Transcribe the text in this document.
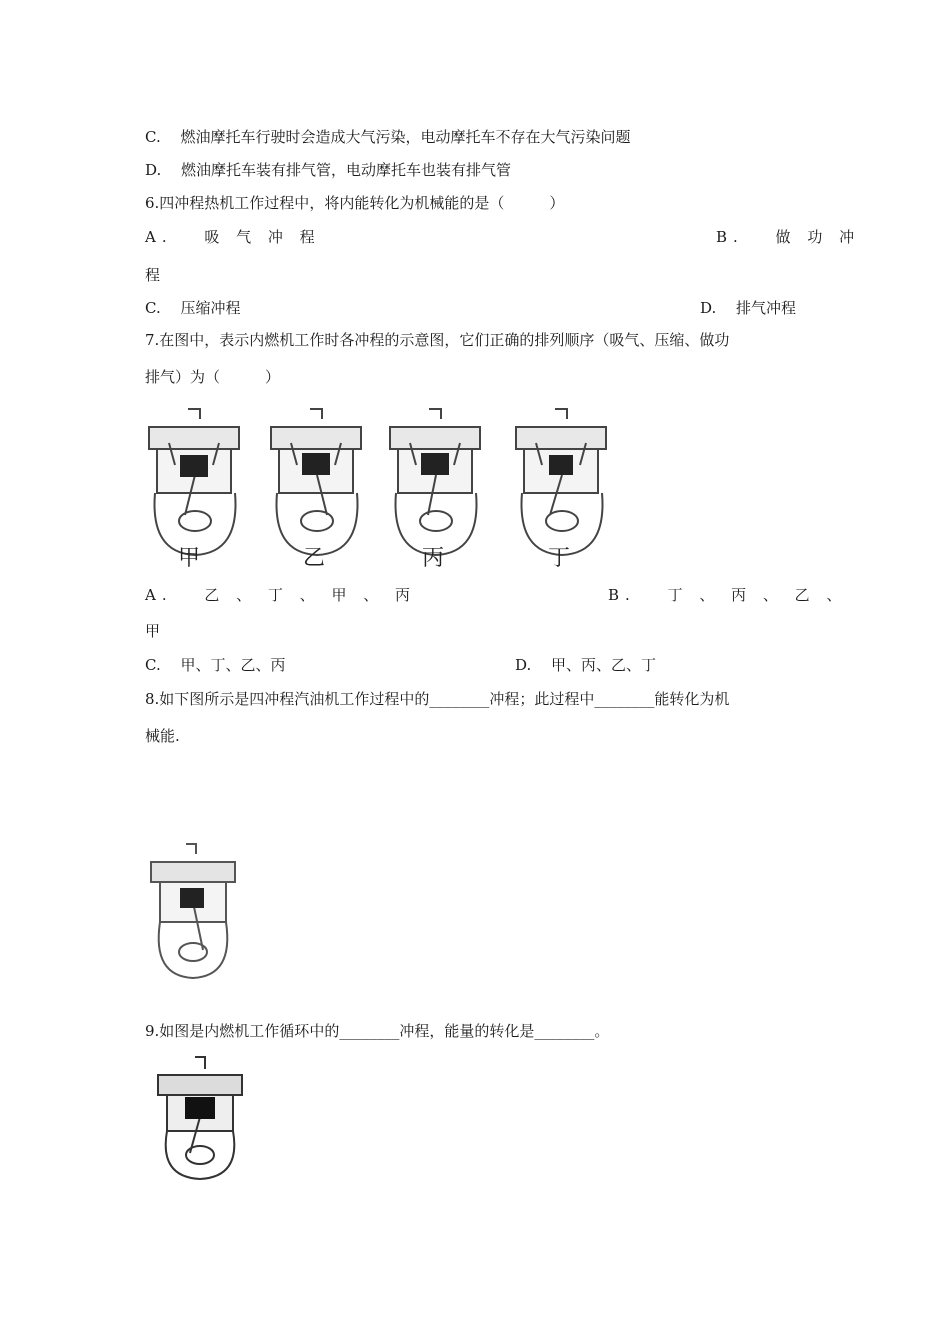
C.　 燃油摩托车行驶时会造成大气污染，电动摩托车不存在大气污染问题
D.　 燃油摩托车装有排气管，电动摩托车也装有排气管
6.四冲程热机工作过程中，将内能转化为机械能的是（　　　）
A.　 吸 气 冲 程	B.　 做 功 冲
程
C.　 压缩冲程	D.　 排气冲程
7.在图中，表示内燃机工作时各冲程的示意图，它们正确的排列顺序（吸气、压缩、做功
排气）为（　　　）
甲	乙	丙	丁
A.　 乙 、 丁 、 甲 、 丙	B.　 丁 、 丙 、 乙 、
甲
C.　 甲、丁、乙、丙	D.　 甲、丙、乙、丁
8.如下图所示是四冲程汽油机工作过程中的________冲程；此过程中________能转化为机
械能.
9.如图是内燃机工作循环中的________冲程，能量的转化是________。
